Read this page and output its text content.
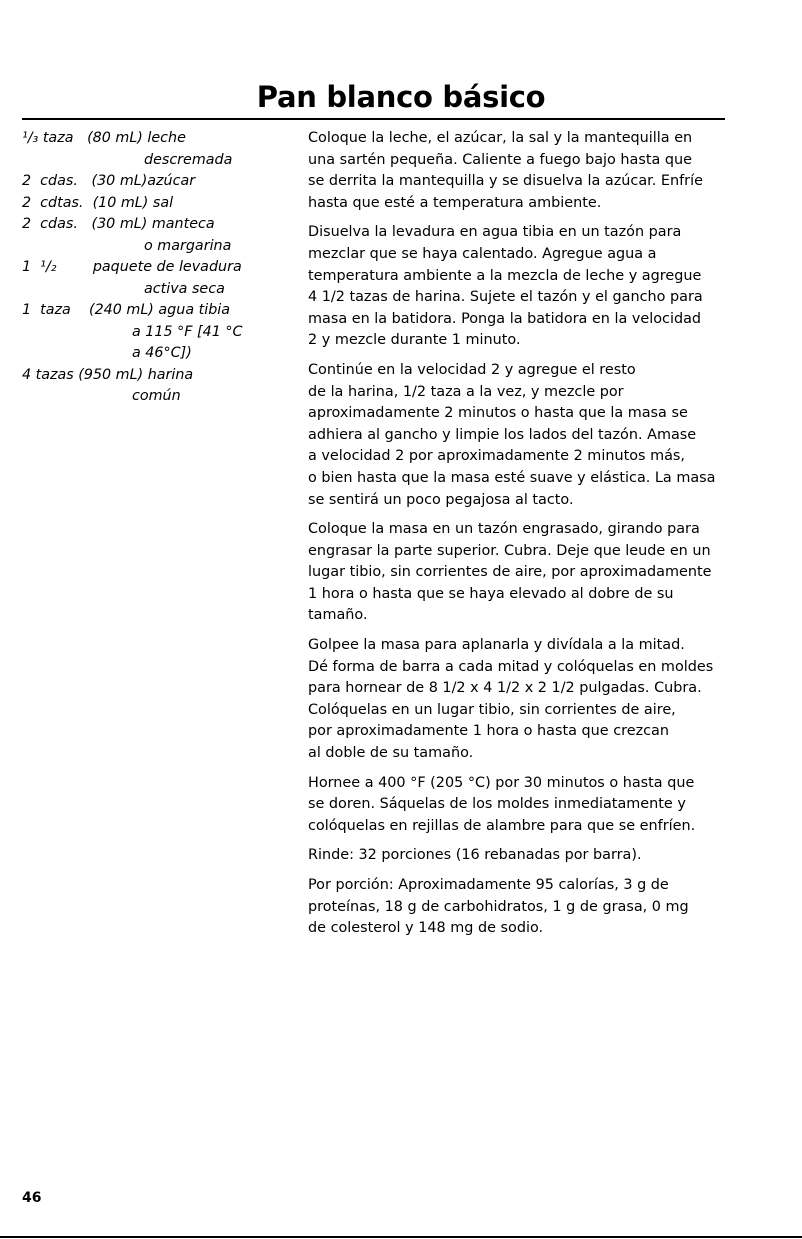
Pan blanco básico
¹/₃ taza   (80 mL) leche
descremada
2  cdas.   (30 mL)azúcar
2  cdtas.  (10 mL) sal
2  cdas.   (30 mL) manteca
o margarina
1  ¹/₂        paquete de levadura
activa seca
1  taza    (240 mL) agua tibia
a 115 °F [41 °C
a 46°C])
4 tazas (950 mL) harina
común

Coloque la leche, el azúcar, la sal y la mantequilla en
una sartén pequeña. Caliente a fuego bajo hasta que
se derrita la mantequilla y se disuelva la azúcar. Enfríe
hasta que esté a temperatura ambiente.

Disuelva la levadura en agua tibia en un tazón para
mezclar que se haya calentado. Agregue agua a
temperatura ambiente a la mezcla de leche y agregue
4 1/2 tazas de harina. Sujete el tazón y el gancho para
masa en la batidora. Ponga la batidora en la velocidad
2 y mezcle durante 1 minuto.

Continúe en la velocidad 2 y agregue el resto
de la harina, 1/2 taza a la vez, y mezcle por
aproximadamente 2 minutos o hasta que la masa se
adhiera al gancho y limpie los lados del tazón. Amase
a velocidad 2 por aproximadamente 2 minutos más,
o bien hasta que la masa esté suave y elástica. La masa
se sentirá un poco pegajosa al tacto.

Coloque la masa en un tazón engrasado, girando para
engrasar la parte superior. Cubra. Deje que leude en un
lugar tibio, sin corrientes de aire, por aproximadamente
1 hora o hasta que se haya elevado al dobre de su
tamaño.

Golpee la masa para aplanarla y divídala a la mitad.
Dé forma de barra a cada mitad y colóquelas en moldes
para hornear de 8 1/2 x 4 1/2 x 2 1/2 pulgadas. Cubra.
Colóquelas en un lugar tibio, sin corrientes de aire,
por aproximadamente 1 hora o hasta que crezcan
al doble de su tamaño.

Hornee a 400 °F (205 °C) por 30 minutos o hasta que
se doren. Sáquelas de los moldes inmediatamente y
colóquelas en rejillas de alambre para que se enfríen.

Rinde: 32 porciones (16 rebanadas por barra).

Por porción: Aproximadamente 95 calorías, 3 g de
proteínas, 18 g de carbohidratos, 1 g de grasa, 0 mg
de colesterol y 148 mg de sodio.

46
